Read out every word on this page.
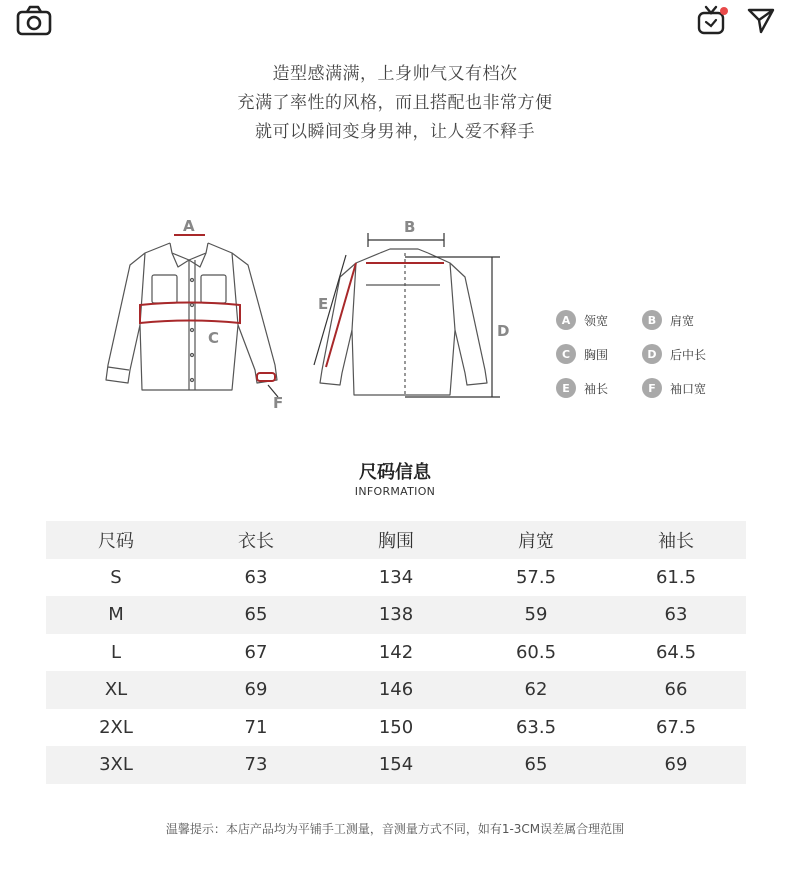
造型感满满，上身帅气又有档次
充满了率性的风格，而且搭配也非常方便
就可以瞬间变身男神，让人爱不释手
A
C
F
B
D
E
A	领宽	B	肩宽
C	胸围	D	后中长
E	袖长	F	袖口宽
尺码信息
INFORMATION
尺码	衣长	胸围	肩宽	袖长
S	63	134	57.5	61.5
M	65	138	59	63
L	67	142	60.5	64.5
XL	69	146	62	66
2XL	71	150	63.5	67.5
3XL	73	154	65	69
温馨提示：本店产品均为平铺手工测量，音测量方式不同，如有1-3CM误差属合理范围
